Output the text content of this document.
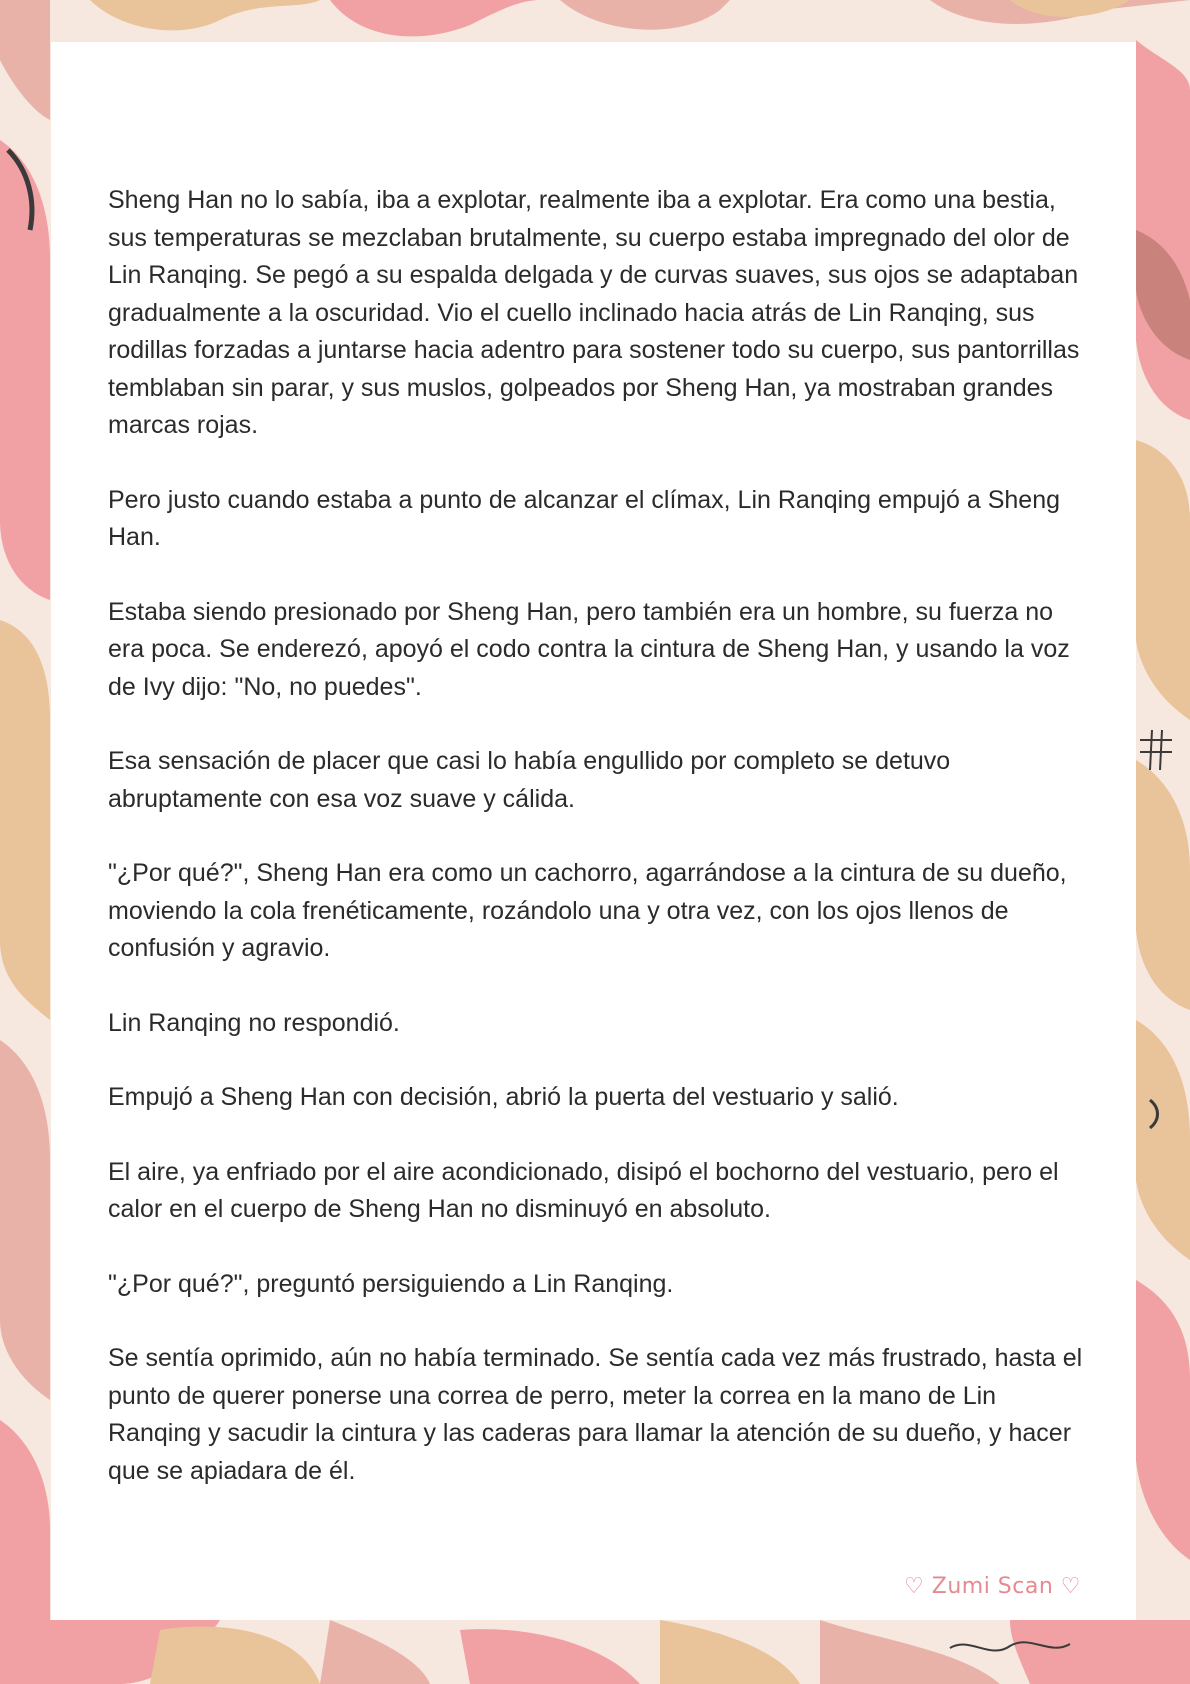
Sheng Han no lo sabía, iba a explotar, realmente iba a explotar. Era como una bestia, sus temperaturas se mezclaban brutalmente, su cuerpo estaba impregnado del olor de Lin Ranqing. Se pegó a su espalda delgada y de curvas suaves, sus ojos se adaptaban gradualmente a la oscuridad. Vio el cuello inclinado hacia atrás de Lin Ranqing, sus rodillas forzadas a juntarse hacia adentro para sostener todo su cuerpo, sus pantorrillas temblaban sin parar, y sus muslos, golpeados por Sheng Han, ya mostraban grandes marcas rojas.

Pero justo cuando estaba a punto de alcanzar el clímax, Lin Ranqing empujó a Sheng Han.

Estaba siendo presionado por Sheng Han, pero también era un hombre, su fuerza no era poca. Se enderezó, apoyó el codo contra la cintura de Sheng Han, y usando la voz de Ivy dijo: "No, no puedes".

Esa sensación de placer que casi lo había engullido por completo se detuvo abruptamente con esa voz suave y cálida.

"¿Por qué?", Sheng Han era como un cachorro, agarrándose a la cintura de su dueño, moviendo la cola frenéticamente, rozándolo una y otra vez, con los ojos llenos de confusión y agravio.

Lin Ranqing no respondió.

Empujó a Sheng Han con decisión, abrió la puerta del vestuario y salió.

El aire, ya enfriado por el aire acondicionado, disipó el bochorno del vestuario, pero el calor en el cuerpo de Sheng Han no disminuyó en absoluto.

"¿Por qué?", preguntó persiguiendo a Lin Ranqing.

Se sentía oprimido, aún no había terminado. Se sentía cada vez más frustrado, hasta el punto de querer ponerse una correa de perro, meter la correa en la mano de Lin Ranqing y sacudir la cintura y las caderas para llamar la atención de su dueño, y hacer que se apiadara de él.

♡ Zumi Scan ♡
